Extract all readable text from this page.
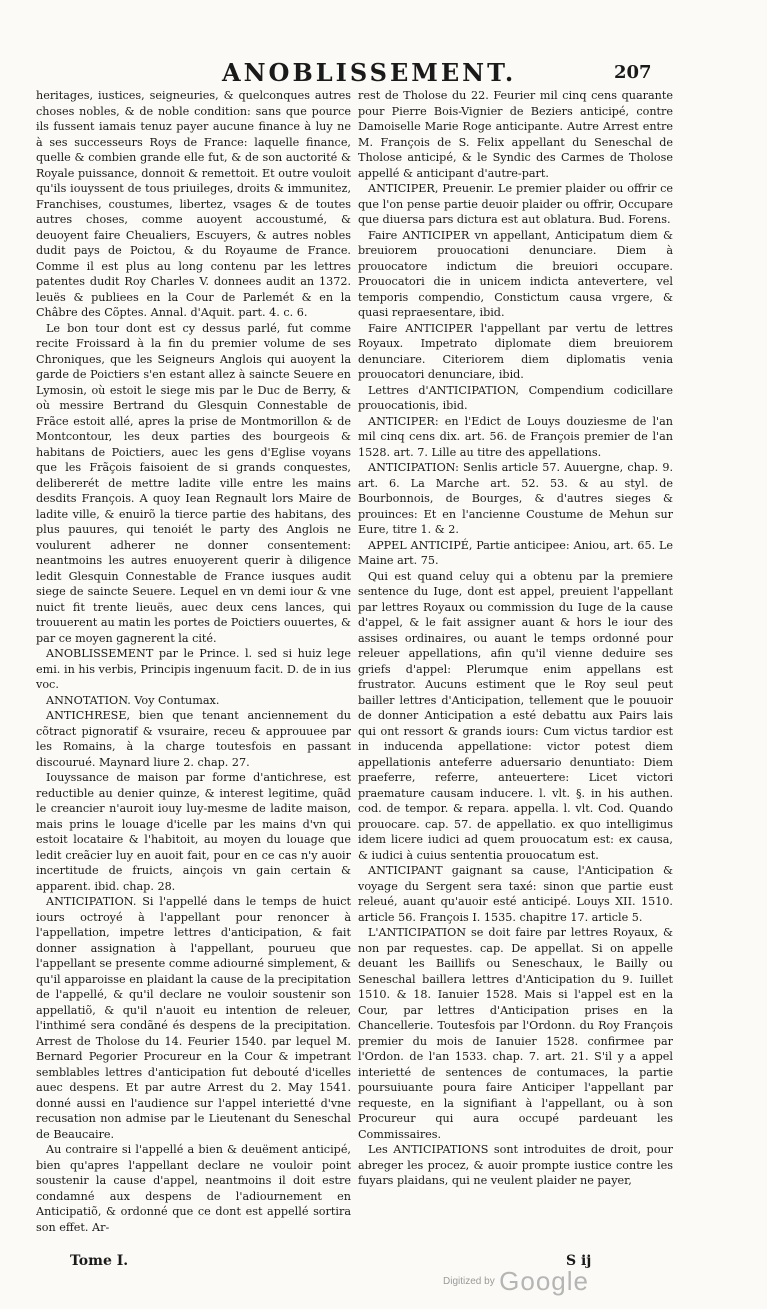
ANOBLISSEMENT.	207

heritages, iustices, seigneuries, & quelconques autres choses nobles, & de noble condition: sans que pource ils fussent iamais tenuz payer aucune finance à luy ne à ses successeurs Roys de France: laquelle finance, quelle & combien grande elle fut, & de son auctorité & Royale puissance, donnoit & remettoit. Et outre vouloit qu'ils iouyssent de tous priuileges, droits & immunitez, Franchises, coustumes, libertez, vsages & de toutes autres choses, comme auoyent accoustumé, & deuoyent faire Cheualiers, Escuyers, & autres nobles dudit pays de Poictou, & du Royaume de France. Comme il est plus au long contenu par les lettres patentes dudit Roy Charles V. donnees audit an 1372. leuës & publiees en la Cour de Parlemét & en la Châbre des Cõptes. Annal. d'Aquit. part. 4. c. 6.

Le bon tour dont est cy dessus parlé, fut comme recite Froissard à la fin du premier volume de ses Chroniques, que les Seigneurs Anglois qui auoyent la garde de Poictiers s'en estant allez à saincte Seuere en Lymosin, où estoit le siege mis par le Duc de Berry, & où messire Bertrand du Glesquin Connestable de Frãce estoit allé, apres la prise de Montmorillon & de Montcontour, les deux parties des bourgeois & habitans de Poictiers, auec les gens d'Eglise voyans que les Frãçois faisoient de si grands conquestes, delibererét de mettre ladite ville entre les mains desdits François. A quoy Iean Regnault lors Maire de ladite ville, & enuirõ la tierce partie des habitans, des plus pauures, qui tenoiét le party des Anglois ne voulurent adherer ne donner consentement: neantmoins les autres enuoyerent querir à diligence ledit Glesquin Connestable de France iusques audit siege de saincte Seuere. Lequel en vn demi iour & vne nuict fit trente lieuës, auec deux cens lances, qui trouuerent au matin les portes de Poictiers ouuertes, & par ce moyen gagnerent la cité.

ANOBLISSEMENT par le Prince. l. sed si huiz lege emi. in his verbis, Principis ingenuum facit. D. de in ius voc.

ANNOTATION. Voy Contumax.

ANTICHRESE, bien que tenant anciennement du cõtract pignoratif & vsuraire, receu & approuuee par les Romains, à la charge toutesfois en passant discourué. Maynard liure 2. chap. 27.

Iouyssance de maison par forme d'antichrese, est reductible au denier quinze, & interest legitime, quãd le creancier n'auroit iouy luy-mesme de ladite maison, mais prins le louage d'icelle par les mains d'vn qui estoit locataire & l'habitoit, au moyen du louage que ledit creãcier luy en auoit fait, pour en ce cas n'y auoir incertitude de fruicts, ainçois vn gain certain & apparent. ibid. chap. 28.

ANTICIPATION. Si l'appellé dans le temps de huict iours octroyé à l'appellant pour renoncer à l'appellation, impetre lettres d'anticipation, & fait donner assignation à l'appellant, pourueu que l'appellant se presente comme adiourné simplement, & qu'il apparoisse en plaidant la cause de la precipitation de l'appellé, & qu'il declare ne vouloir soustenir son appellatiõ, & qu'il n'auoit eu intention de releuer, l'inthimé sera condãné és despens de la precipitation. Arrest de Tholose du 14. Feurier 1540. par lequel M. Bernard Pegorier Procureur en la Cour & impetrant semblables lettres d'anticipation fut debouté d'icelles auec despens. Et par autre Arrest du 2. May 1541. donné aussi en l'audience sur l'appel interietté d'vne recusation non admise par le Lieutenant du Seneschal de Beaucaire.

Au contraire si l'appellé a bien & deuëment anticipé, bien qu'apres l'appellant declare ne vouloir point soustenir la cause d'appel, neantmoins il doit estre condamné aux despens de l'adiournement en Anticipatiõ, & ordonné que ce dont est appellé sortira son effet. Ar-

rest de Tholose du 22. Feurier mil cinq cens quarante pour Pierre Bois-Vignier de Beziers anticipé, contre Damoiselle Marie Roge anticipante. Autre Arrest entre M. François de S. Felix appellant du Seneschal de Tholose anticipé, & le Syndic des Carmes de Tholose appellé & anticipant d'autre-part.

ANTICIPER, Preuenir. Le premier plaider ou offrir ce que l'on pense partie deuoir plaider ou offrir, Occupare que diuersa pars dictura est aut oblatura. Bud. Forens.

Faire ANTICIPER vn appellant, Anticipatum diem & breuiorem prouocationi denunciare. Diem à prouocatore indictum die breuiori occupare. Prouocatori die in unicem indicta antevertere, vel temporis compendio, Constictum causa vrgere, & quasi repraesentare, ibid.

Faire ANTICIPER l'appellant par vertu de lettres Royaux. Impetrato diplomate diem breuiorem denunciare. Citeriorem diem diplomatis venia prouocatori denunciare, ibid.

Lettres d'ANTICIPATION, Compendium codicillare prouocationis, ibid.

ANTICIPER: en l'Edict de Louys douziesme de l'an mil cinq cens dix. art. 56. de François premier de l'an 1528. art. 7. Lille au titre des appellations.

ANTICIPATION: Senlis article 57. Auuergne, chap. 9. art. 6. La Marche art. 52. 53. & au styl. de Bourbonnois, de Bourges, & d'autres sieges & prouinces: Et en l'ancienne Coustume de Mehun sur Eure, titre 1. & 2.

APPEL ANTICIPÉ, Partie anticipee: Aniou, art. 65. Le Maine art. 75.

Qui est quand celuy qui a obtenu par la premiere sentence du Iuge, dont est appel, preuient l'appellant par lettres Royaux ou commission du Iuge de la cause d'appel, & le fait assigner auant & hors le iour des assises ordinaires, ou auant le temps ordonné pour releuer appellations, afin qu'il vienne deduire ses griefs d'appel: Plerumque enim appellans est frustrator. Aucuns estiment que le Roy seul peut bailler lettres d'Anticipation, tellement que le pouuoir de donner Anticipation a esté debattu aux Pairs lais qui ont ressort & grands iours: Cum victus tardior est in inducenda appellatione: victor potest diem appellationis anteferre aduersario denuntiato: Diem praeferre, referre, anteuertere: Licet victori praemature causam inducere. l. vlt. §. in his authen. cod. de tempor. & repara. appella. l. vlt. Cod. Quando prouocare. cap. 57. de appellatio. ex quo intelligimus idem licere iudici ad quem prouocatum est: ex causa, & iudici à cuius sententia prouocatum est.

ANTICIPANT gaignant sa cause, l'Anticipation & voyage du Sergent sera taxé: sinon que partie eust releué, auant qu'auoir esté anticipé. Louys XII. 1510. article 56. François I. 1535. chapitre 17. article 5.

L'ANTICIPATION se doit faire par lettres Royaux, & non par requestes. cap. De appellat. Si on appelle deuant les Baillifs ou Seneschaux, le Bailly ou Seneschal baillera lettres d'Anticipation du 9. Iuillet 1510. & 18. Ianuier 1528. Mais si l'appel est en la Cour, par lettres d'Anticipation prises en la Chancellerie. Toutesfois par l'Ordonn. du Roy François premier du mois de Ianuier 1528. confirmee par l'Ordon. de l'an 1533. chap. 7. art. 21. S'il y a appel interietté de sentences de contumaces, la partie poursuiuante poura faire Anticiper l'appellant par requeste, en la signifiant à l'appellant, ou à son Procureur qui aura occupé pardeuant les Commissaires.

Les ANTICIPATIONS sont introduites de droit, pour abreger les procez, & auoir prompte iustice contre les fuyars plaidans, qui ne veulent plaider ne payer,

Tome I.	S ij
Digitized by Google
